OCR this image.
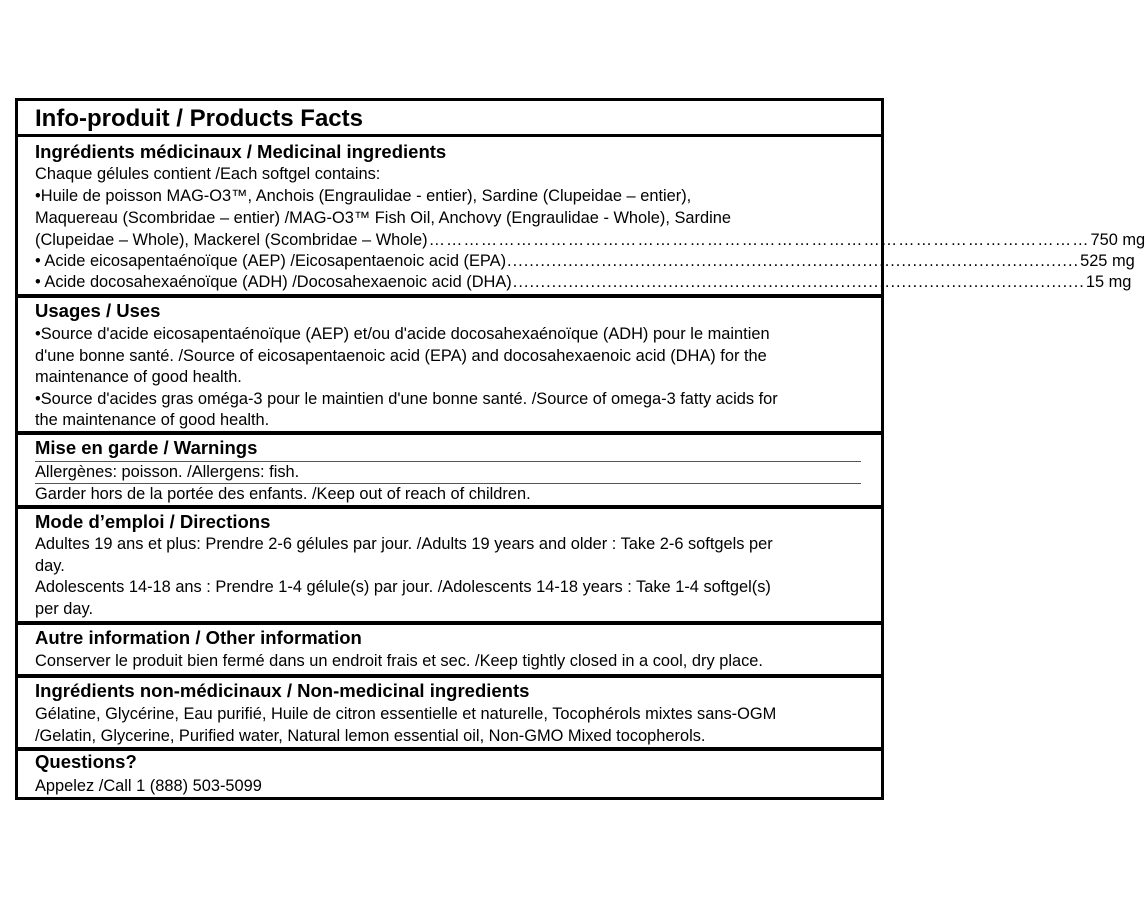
Info-produit / Products Facts
Ingrédients médicinaux / Medicinal ingredients
Chaque gélules contient /Each softgel contains:
•Huile de poisson MAG-O3™, Anchois (Engraulidae - entier), Sardine (Clupeidae – entier),
Maquereau (Scombridae – entier) /MAG-O3™ Fish Oil, Anchovy (Engraulidae - Whole), Sardine
(Clupeidae – Whole), Mackerel (Scombridae – Whole) …………………………………………………………………………………………………… 750 mg
• Acide eicosapentaénoïque (AEP) /Eicosapentaenoic acid (EPA) ....................................................................................................... 525 mg
• Acide docosahexaénoïque (ADH) /Docosahexaenoic acid (DHA) ....................................................................................................... 15 mg
Usages / Uses
•Source d'acide eicosapentaénoïque (AEP) et/ou d'acide docosahexaénoïque (ADH) pour le maintien
d'une bonne santé. /Source of eicosapentaenoic acid (EPA) and docosahexaenoic acid (DHA) for the
maintenance of good health.
•Source d'acides gras oméga-3 pour le maintien d'une bonne santé. /Source of omega-3 fatty acids for
the maintenance of good health.
Mise en garde / Warnings
Allergènes: poisson. /Allergens: fish.
Garder hors de la portée des enfants. /Keep out of reach of children.
Mode d’emploi / Directions
Adultes 19 ans et plus: Prendre 2-6 gélules par jour. /Adults 19 years and older : Take 2-6 softgels per
day.
Adolescents 14-18 ans : Prendre 1-4 gélule(s) par jour. /Adolescents 14-18 years : Take 1-4 softgel(s)
per day.
Autre information / Other information
Conserver le produit bien fermé dans un endroit frais et sec. /Keep tightly closed in a cool, dry place.
Ingrédients non-médicinaux / Non-medicinal ingredients
Gélatine, Glycérine, Eau purifié, Huile de citron essentielle et naturelle, Tocophérols mixtes sans-OGM
/Gelatin, Glycerine, Purified water, Natural lemon essential oil, Non-GMO Mixed tocopherols.
Questions?
Appelez /Call 1 (888) 503-5099
